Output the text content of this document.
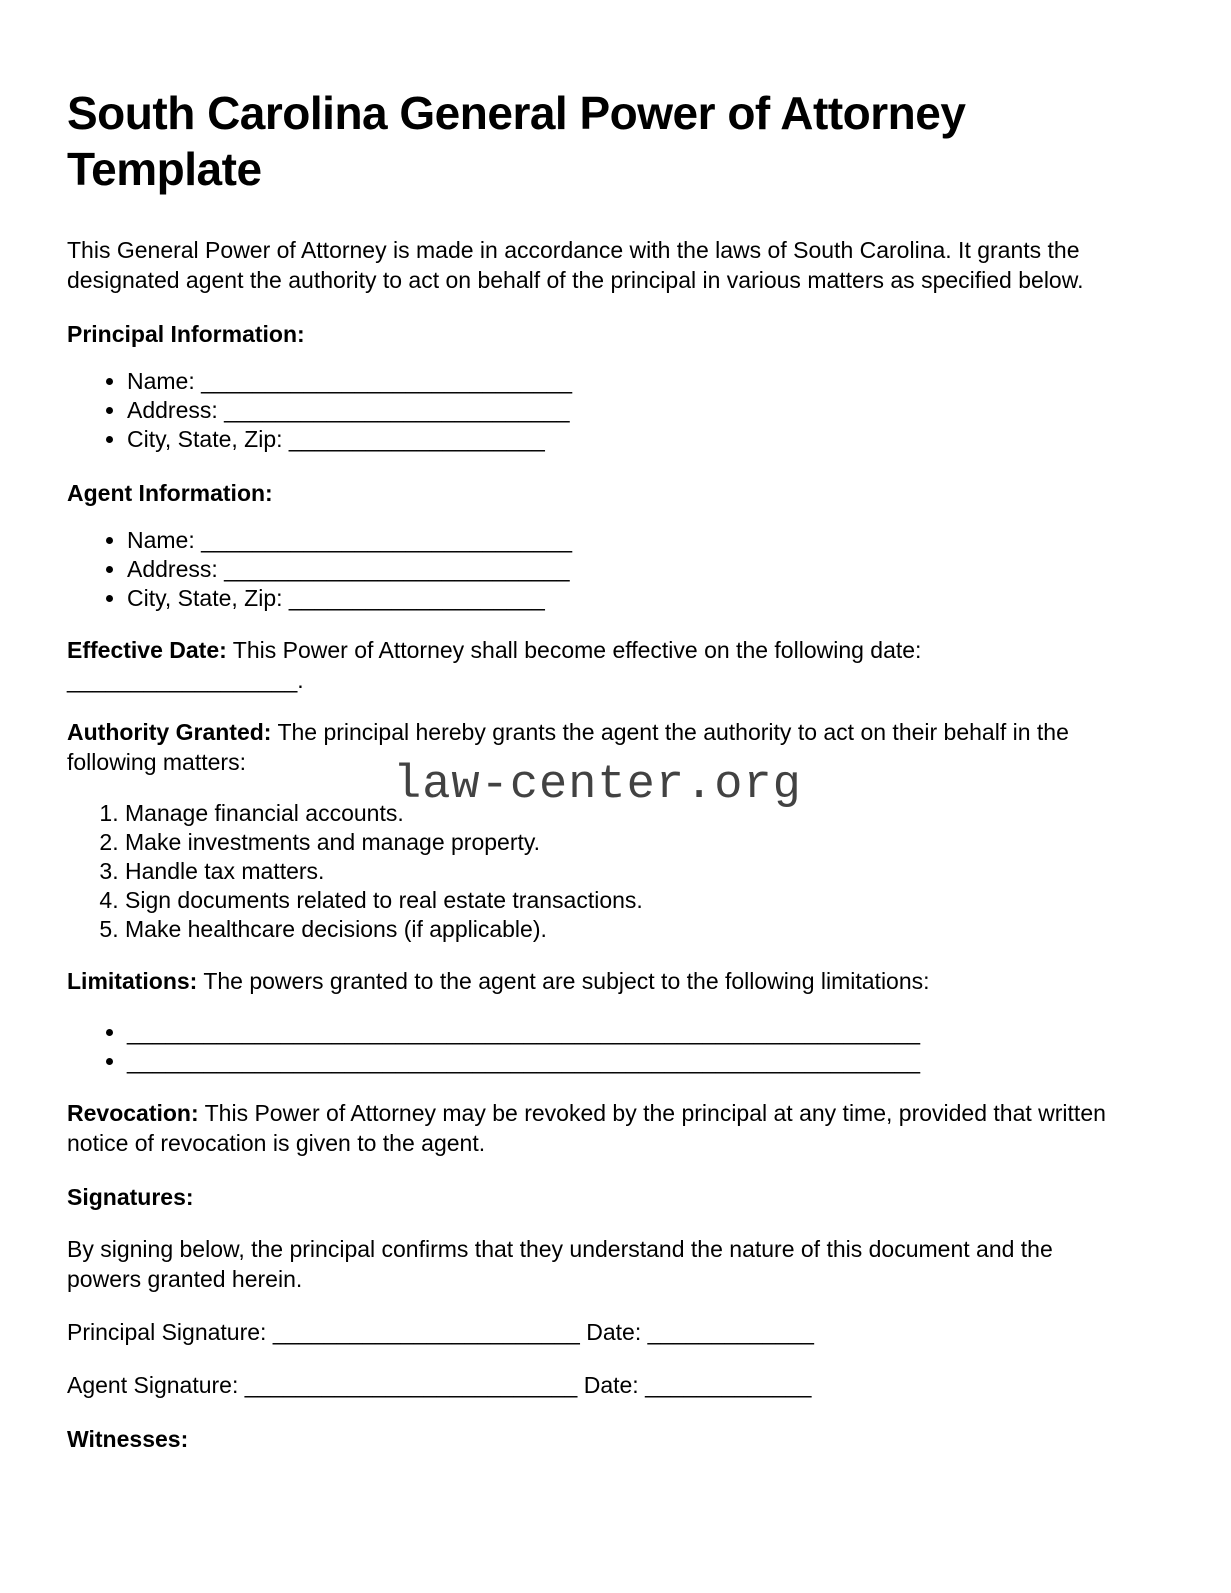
South Carolina General Power of Attorney Template

This General Power of Attorney is made in accordance with the laws of South Carolina. It grants the designated agent the authority to act on behalf of the principal in various matters as specified below.

Principal Information:
• Name: _____________________________
• Address: ___________________________
• City, State, Zip: ____________________
Agent Information:
• Name: _____________________________
• Address: ___________________________
• City, State, Zip: ____________________

Effective Date: This Power of Attorney shall become effective on the following date: __________________.

Authority Granted: The principal hereby grants the agent the authority to act on their behalf in the following matters:

1. Manage financial accounts.
2. Make investments and manage property.
3. Handle tax matters.
4. Sign documents related to real estate transactions.
5. Make healthcare decisions (if applicable).

Limitations: The powers granted to the agent are subject to the following limitations:

• ______________________________________________________________
• ______________________________________________________________

Revocation: This Power of Attorney may be revoked by the principal at any time, provided that written notice of revocation is given to the agent.

Signatures:

By signing below, the principal confirms that they understand the nature of this document and the powers granted herein.

Principal Signature: ________________________ Date: _____________

Agent Signature: __________________________ Date: _____________

Witnesses:
law-center.org
